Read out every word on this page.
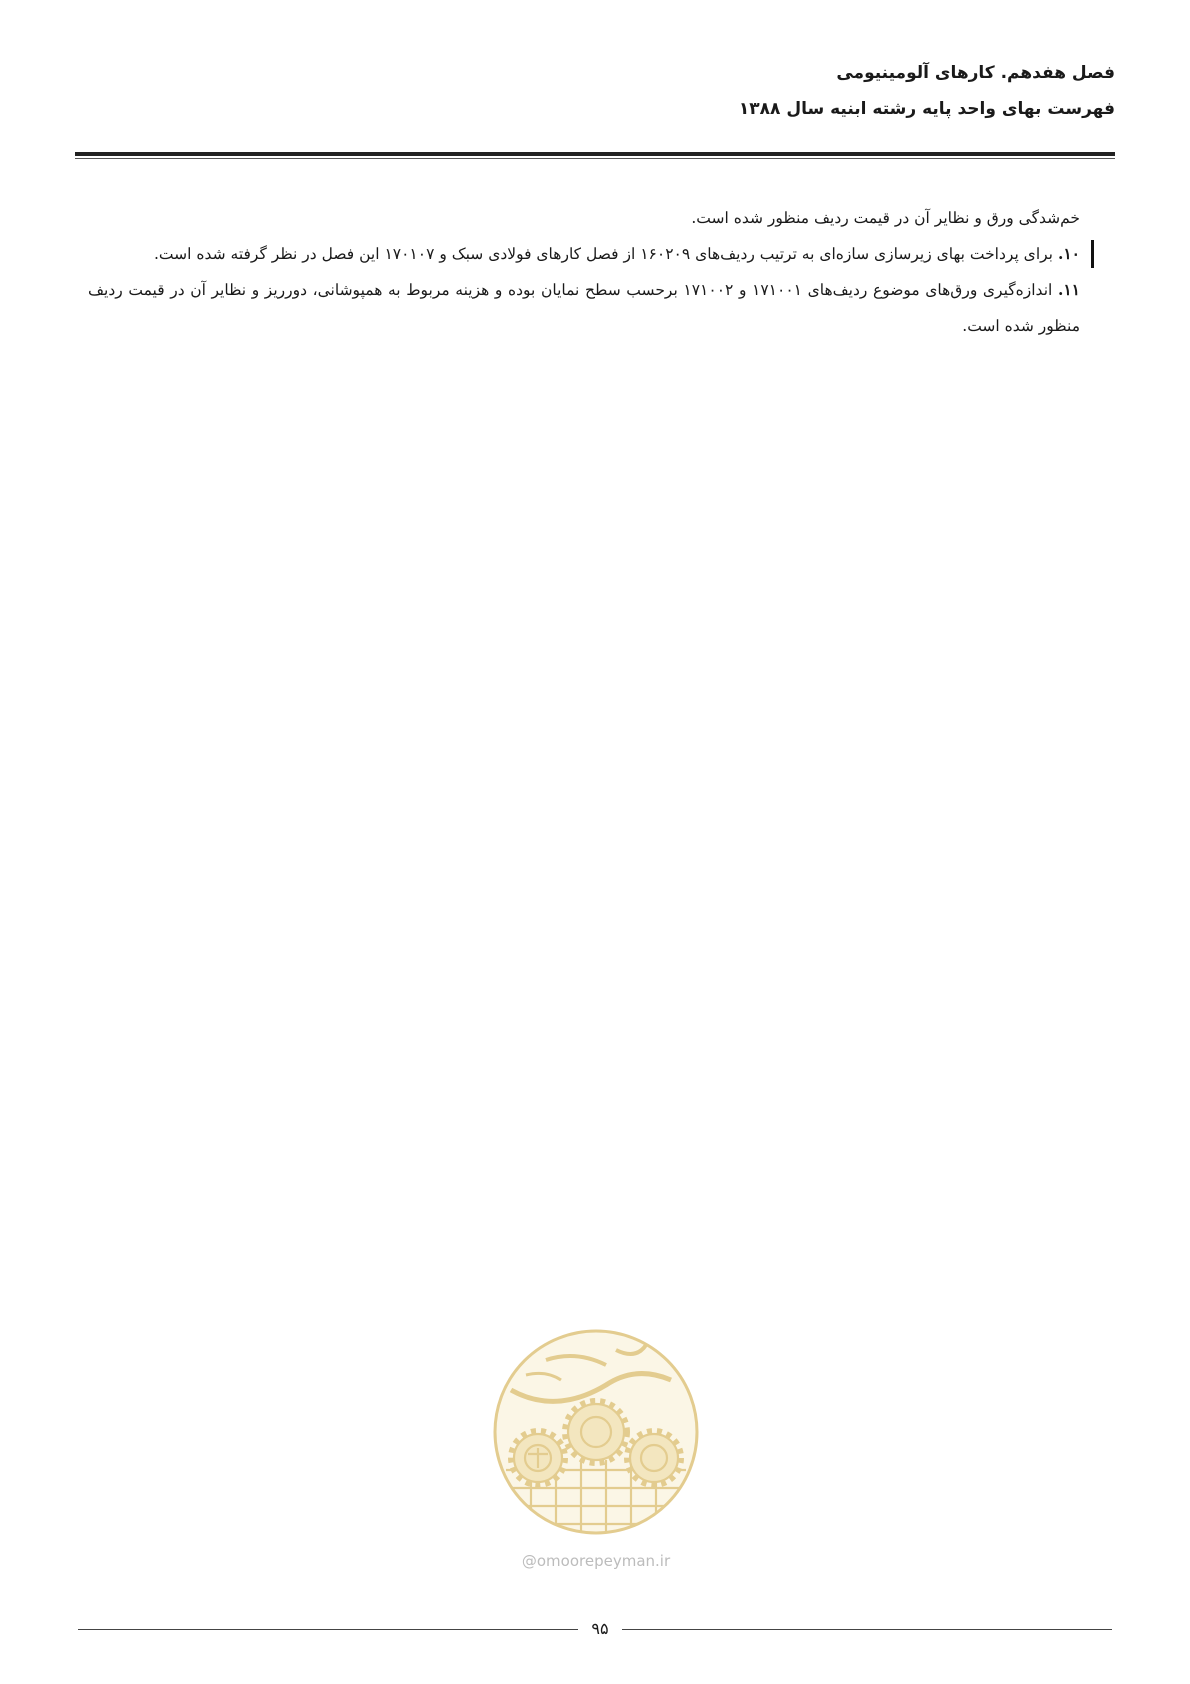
فصل هفدهم. کارهای آلومینیومی

فهرست بهای واحد پایه رشته ابنیه سال ۱۳۸۸

خم‌شدگی ورق و نظایر آن در قیمت ردیف منظور شده است.

۱۰. برای پرداخت بهای زیرسازی سازه‌ای به ترتیب ردیف‌های ۱۶۰۲۰۹ از فصل کارهای فولادی سبک و ۱۷۰۱۰۷ این فصل در نظر گرفته شده است.

۱۱. اندازه‌گیری ورق‌های موضوع ردیف‌های ۱۷۱۰۰۱ و ۱۷۱۰۰۲ برحسب سطح نمایان بوده و هزینه مربوط به همپوشانی، دورریز و نظایر آن در قیمت ردیف منظور شده است.

@omoorepeyman.ir
۹۵
